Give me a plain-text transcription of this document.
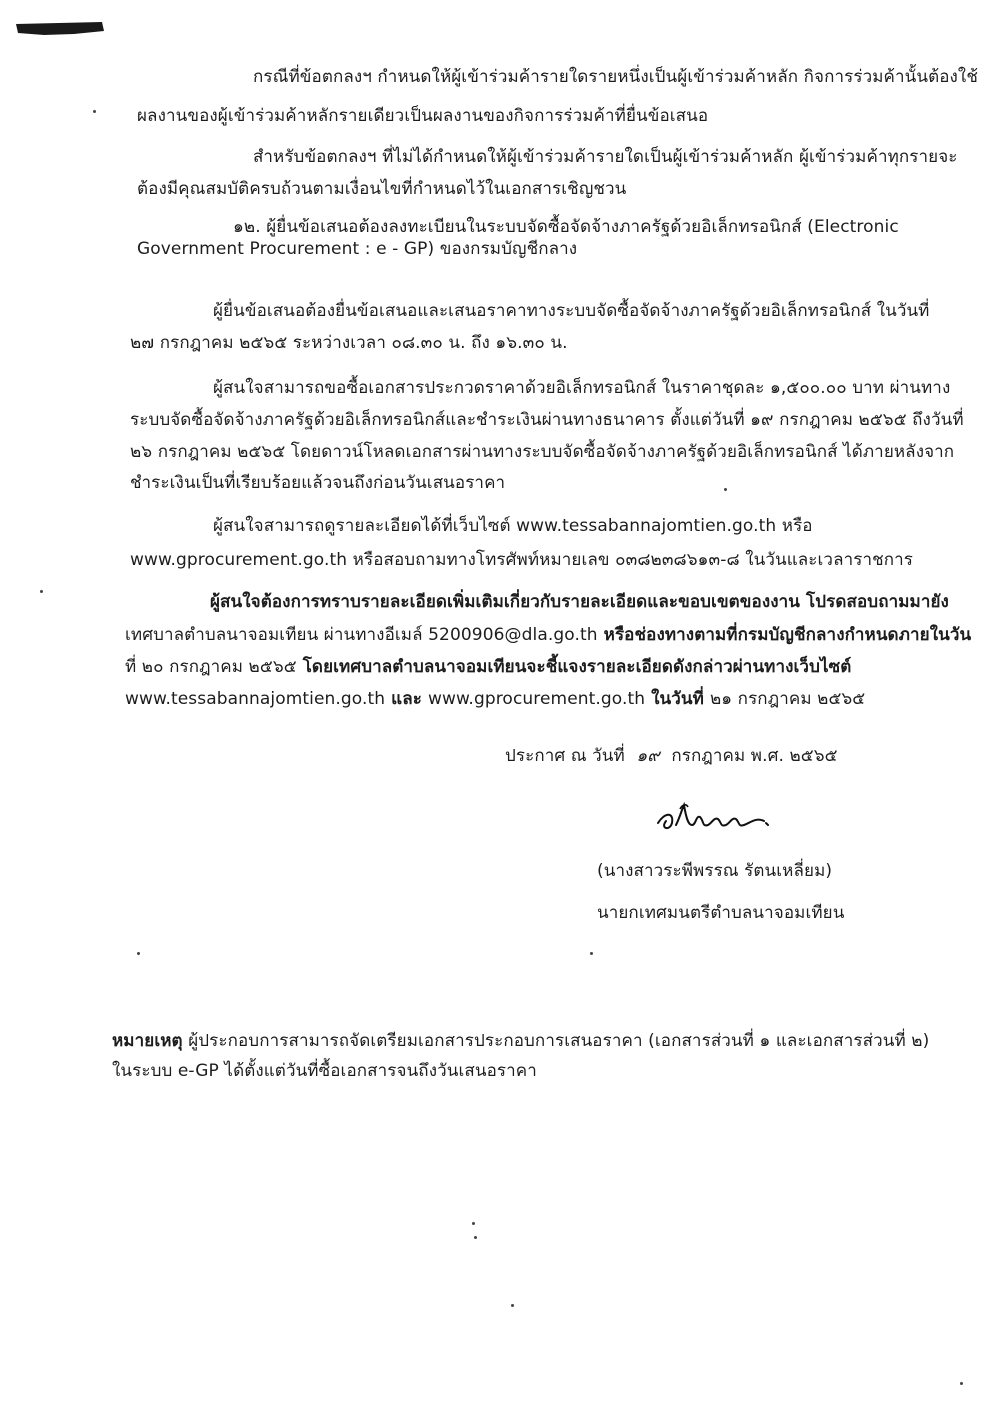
กรณีที่ข้อตกลงฯ กำหนดให้ผู้เข้าร่วมค้ารายใดรายหนึ่งเป็นผู้เข้าร่วมค้าหลัก กิจการร่วมค้านั้นต้องใช้
ผลงานของผู้เข้าร่วมค้าหลักรายเดียวเป็นผลงานของกิจการร่วมค้าที่ยื่นข้อเสนอ
สำหรับข้อตกลงฯ ที่ไม่ได้กำหนดให้ผู้เข้าร่วมค้ารายใดเป็นผู้เข้าร่วมค้าหลัก ผู้เข้าร่วมค้าทุกรายจะ
ต้องมีคุณสมบัติครบถ้วนตามเงื่อนไขที่กำหนดไว้ในเอกสารเชิญชวน
๑๒. ผู้ยื่นข้อเสนอต้องลงทะเบียนในระบบจัดซื้อจัดจ้างภาครัฐด้วยอิเล็กทรอนิกส์ (Electronic
Government Procurement : e - GP) ของกรมบัญชีกลาง
ผู้ยื่นข้อเสนอต้องยื่นข้อเสนอและเสนอราคาทางระบบจัดซื้อจัดจ้างภาครัฐด้วยอิเล็กทรอนิกส์ ในวันที่
๒๗ กรกฎาคม ๒๕๖๕ ระหว่างเวลา ๐๘.๓๐ น. ถึง ๑๖.๓๐ น.
ผู้สนใจสามารถขอซื้อเอกสารประกวดราคาด้วยอิเล็กทรอนิกส์ ในราคาชุดละ ๑,๕๐๐.๐๐ บาท ผ่านทาง
ระบบจัดซื้อจัดจ้างภาครัฐด้วยอิเล็กทรอนิกส์และชำระเงินผ่านทางธนาคาร ตั้งแต่วันที่ ๑๙ กรกฎาคม ๒๕๖๕ ถึงวันที่
๒๖ กรกฎาคม ๒๕๖๕ โดยดาวน์โหลดเอกสารผ่านทางระบบจัดซื้อจัดจ้างภาครัฐด้วยอิเล็กทรอนิกส์ ได้ภายหลังจาก
ชำระเงินเป็นที่เรียบร้อยแล้วจนถึงก่อนวันเสนอราคา
ผู้สนใจสามารถดูรายละเอียดได้ที่เว็บไซต์ www.tessabannajomtien.go.th หรือ
www.gprocurement.go.th หรือสอบถามทางโทรศัพท์หมายเลข ๐๓๘๒๓๘๖๑๓-๘ ในวันและเวลาราชการ
ผู้สนใจต้องการทราบรายละเอียดเพิ่มเติมเกี่ยวกับรายละเอียดและขอบเขตของงาน โปรดสอบถามมายัง
เทศบาลตำบลนาจอมเทียน ผ่านทางอีเมล์ 5200906@dla.go.th หรือช่องทางตามที่กรมบัญชีกลางกำหนดภายในวัน
ที่ ๒๐ กรกฎาคม ๒๕๖๕ โดยเทศบาลตำบลนาจอมเทียนจะชี้แจงรายละเอียดดังกล่าวผ่านทางเว็บไซต์
www.tessabannajomtien.go.th และ www.gprocurement.go.th ในวันที่ ๒๑ กรกฎาคม ๒๕๖๕
ประกาศ ณ วันที่ ๑๙ กรกฎาคม พ.ศ. ๒๕๖๕
(นางสาวระพีพรรณ รัตนเหลี่ยม)
นายกเทศมนตรีตำบลนาจอมเทียน
หมายเหตุ ผู้ประกอบการสามารถจัดเตรียมเอกสารประกอบการเสนอราคา (เอกสารส่วนที่ ๑ และเอกสารส่วนที่ ๒)
ในระบบ e-GP ได้ตั้งแต่วันที่ซื้อเอกสารจนถึงวันเสนอราคา
